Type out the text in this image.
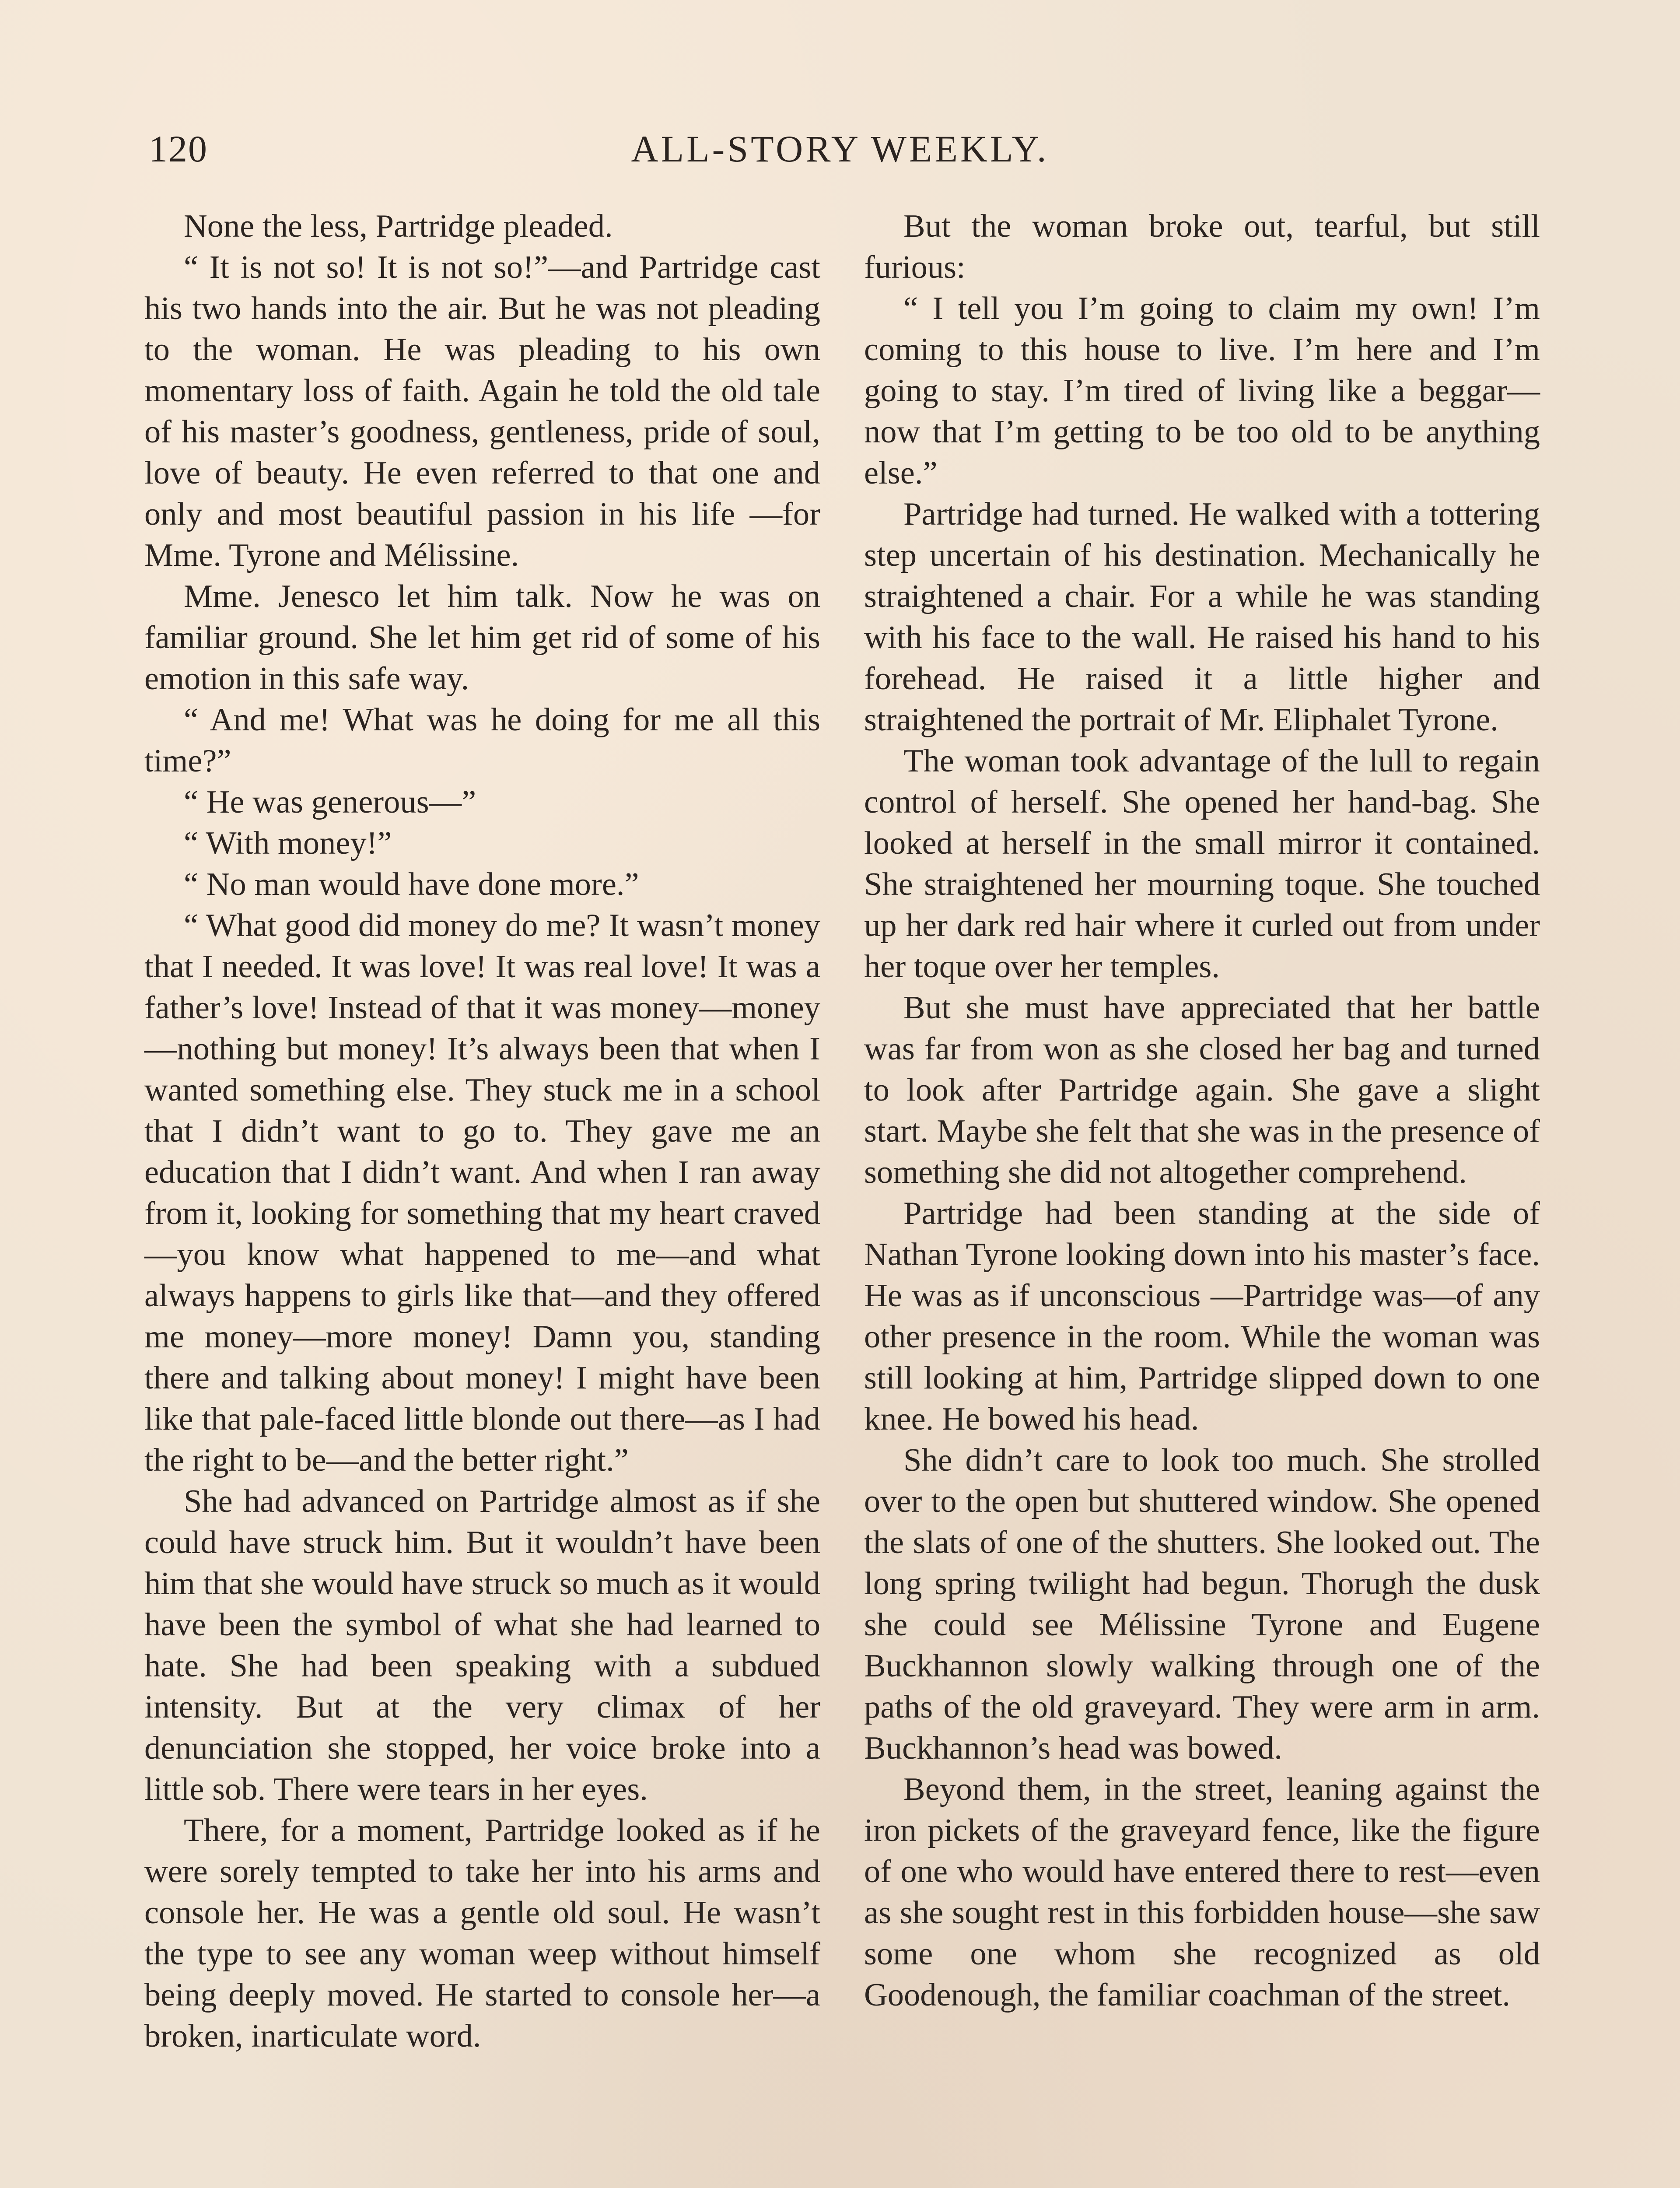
120	ALL-STORY WEEKLY.

None the less, Partridge pleaded.

“ It is not so! It is not so!”—and Partridge cast his two hands into the air. But he was not pleading to the woman. He was pleading to his own momentary loss of faith. Again he told the old tale of his master’s goodness, gentleness, pride of soul, love of beauty. He even referred to that one and only and most beautiful passion in his life —for Mme. Tyrone and Mélissine.

Mme. Jenesco let him talk. Now he was on familiar ground. She let him get rid of some of his emotion in this safe way.

“ And me! What was he doing for me all this time?”

“ He was generous—”

“ With money!”

“ No man would have done more.”

“ What good did money do me? It wasn’t money that I needed. It was love! It was real love! It was a father’s love! Instead of that it was money—money—nothing but money! It’s always been that when I wanted something else. They stuck me in a school that I didn’t want to go to. They gave me an education that I didn’t want. And when I ran away from it, looking for something that my heart craved—you know what happened to me—and what always happens to girls like that—and they offered me money—more money! Damn you, standing there and talking about money! I might have been like that pale-faced little blonde out there—as I had the right to be—and the better right.”

She had advanced on Partridge almost as if she could have struck him. But it wouldn’t have been him that she would have struck so much as it would have been the symbol of what she had learned to hate. She had been speaking with a subdued intensity. But at the very climax of her denunciation she stopped, her voice broke into a little sob. There were tears in her eyes.

There, for a moment, Partridge looked as if he were sorely tempted to take her into his arms and console her. He was a gentle old soul. He wasn’t the type to see any woman weep without himself being deeply moved. He started to console her—a broken, inarticulate word.

But the woman broke out, tearful, but still furious:

“ I tell you I’m going to claim my own! I’m coming to this house to live. I’m here and I’m going to stay. I’m tired of living like a beggar—now that I’m getting to be too old to be anything else.”

Partridge had turned. He walked with a tottering step uncertain of his destination. Mechanically he straightened a chair. For a while he was standing with his face to the wall. He raised his hand to his forehead. He raised it a little higher and straightened the portrait of Mr. Eliphalet Tyrone.

The woman took advantage of the lull to regain control of herself. She opened her hand-bag. She looked at herself in the small mirror it contained. She straightened her mourning toque. She touched up her dark red hair where it curled out from under her toque over her temples.

But she must have appreciated that her battle was far from won as she closed her bag and turned to look after Partridge again. She gave a slight start. Maybe she felt that she was in the presence of something she did not altogether comprehend.

Partridge had been standing at the side of Nathan Tyrone looking down into his master’s face. He was as if unconscious —Partridge was—of any other presence in the room. While the woman was still looking at him, Partridge slipped down to one knee. He bowed his head.

She didn’t care to look too much. She strolled over to the open but shuttered window. She opened the slats of one of the shutters. She looked out. The long spring twilight had begun. Thorugh the dusk she could see Mélissine Tyrone and Eugene Buckhannon slowly walking through one of the paths of the old graveyard. They were arm in arm. Buckhannon’s head was bowed.

Beyond them, in the street, leaning against the iron pickets of the graveyard fence, like the figure of one who would have entered there to rest—even as she sought rest in this forbidden house—she saw some one whom she recognized as old Goodenough, the familiar coachman of the street.
